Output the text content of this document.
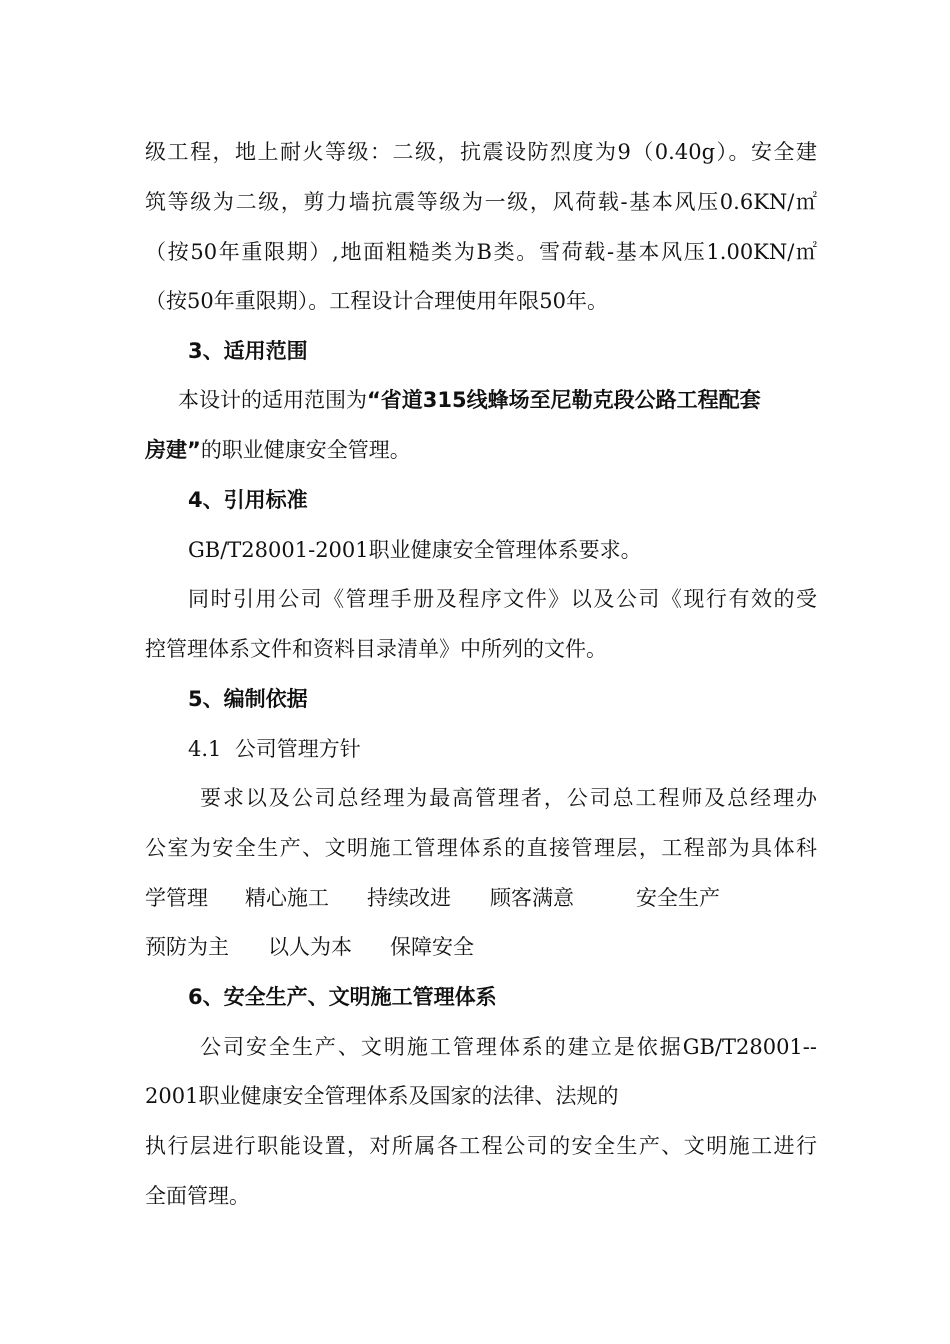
级工程，地上耐火等级：二级，抗震设防烈度为9（0.40g）。安全建
筑等级为二级，剪力墙抗震等级为一级，风荷载-基本风压0.6KN/㎡
（按50年重限期）,地面粗糙类为B类。雪荷载-基本风压1.00KN/㎡
（按50年重限期）。工程设计合理使用年限50年。
3、适用范围
本设计的适用范围为“省道315线蜂场至尼勒克段公路工程配套
房建”的职业健康安全管理。
4、引用标准
GB/T28001-2001职业健康安全管理体系要求。
同时引用公司《管理手册及程序文件》以及公司《现行有效的受
控管理体系文件和资料目录清单》中所列的文件。
5、编制依据
4.1  公司管理方针
要求以及公司总经理为最高管理者，公司总工程师及总经理办
公室为安全生产、文明施工管理体系的直接管理层，工程部为具体科
学管理 精心施工 持续改进 顾客满意	安全生产
预防为主 以人为本 保障安全
6、安全生产、文明施工管理体系
公司安全生产、文明施工管理体系的建立是依据GB/T28001--
2001职业健康安全管理体系及国家的法律、法规的
执行层进行职能设置，对所属各工程公司的安全生产、文明施工进行
全面管理。
